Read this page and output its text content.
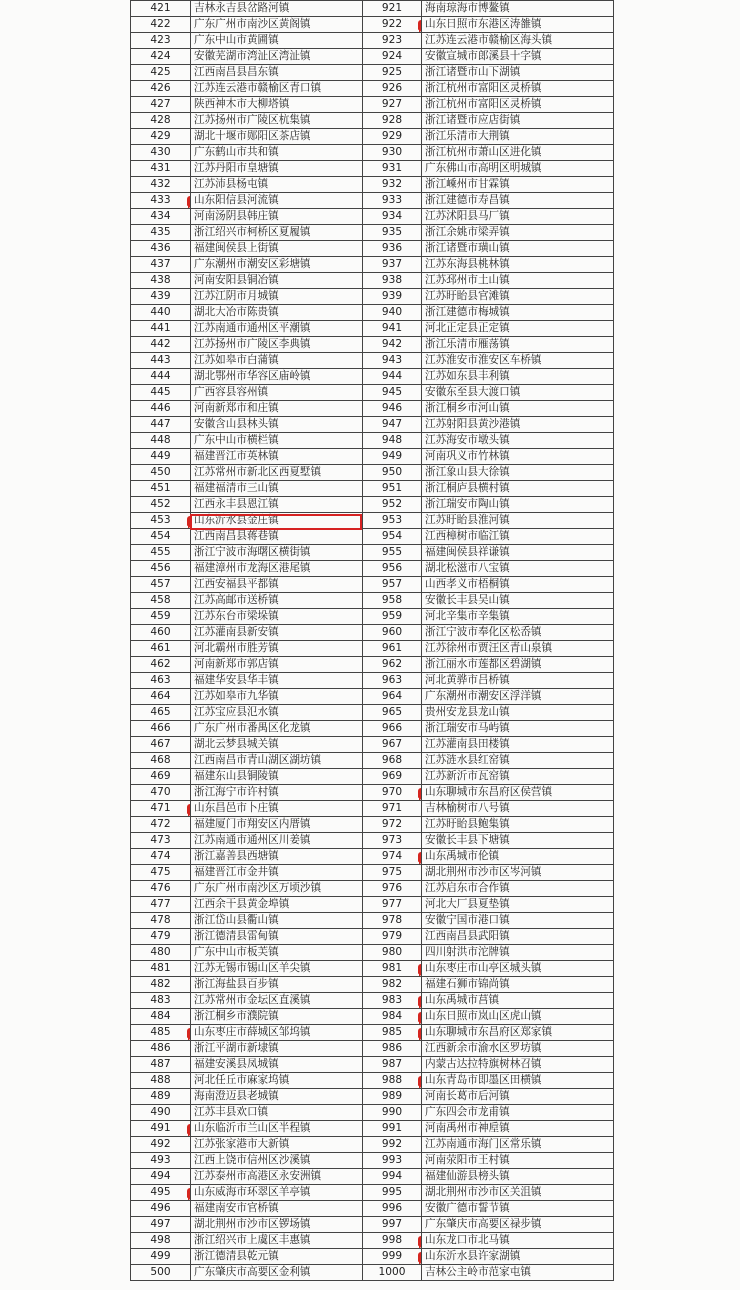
421	吉林永吉县岔路河镇	921	海南琼海市博鳌镇
422	广东广州市南沙区黄阁镇	922	山东日照市东港区涛雒镇
423	广东中山市黄圃镇	923	江苏连云港市赣榆区海头镇
424	安徽芜湖市湾沚区湾沚镇	924	安徽宣城市郎溪县十字镇
425	江西南昌县昌东镇	925	浙江诸暨市山下湖镇
426	江苏连云港市赣榆区青口镇	926	浙江杭州市富阳区灵桥镇
427	陕西神木市大柳塔镇	927	浙江杭州市富阳区灵桥镇
428	江苏扬州市广陵区杭集镇	928	浙江诸暨市应店街镇
429	湖北十堰市郧阳区茶店镇	929	浙江乐清市大荆镇
430	广东鹤山市共和镇	930	浙江杭州市萧山区进化镇
431	江苏丹阳市皇塘镇	931	广东佛山市高明区明城镇
432	江苏沛县杨屯镇	932	浙江嵊州市甘霖镇
433	山东阳信县河流镇	933	浙江建德市寿昌镇
434	河南汤阴县韩庄镇	934	江苏沭阳县马厂镇
435	浙江绍兴市柯桥区夏履镇	935	浙江余姚市梁弄镇
436	福建闽侯县上街镇	936	浙江诸暨市璜山镇
437	广东潮州市潮安区彩塘镇	937	江苏东海县桃林镇
438	河南安阳县铜冶镇	938	江苏邳州市土山镇
439	江苏江阴市月城镇	939	江苏盱眙县官滩镇
440	湖北大冶市陈贵镇	940	浙江建德市梅城镇
441	江苏南通市通州区平潮镇	941	河北正定县正定镇
442	江苏扬州市广陵区李典镇	942	浙江乐清市雁荡镇
443	江苏如皋市白蒲镇	943	江苏淮安市淮安区车桥镇
444	湖北鄂州市华容区庙岭镇	944	江苏如东县丰利镇
445	广西容县容州镇	945	安徽东至县大渡口镇
446	河南新郑市和庄镇	946	浙江桐乡市河山镇
447	安徽含山县林头镇	947	江苏射阳县黄沙港镇
448	广东中山市横栏镇	948	江苏海安市墩头镇
449	福建晋江市英林镇	949	河南巩义市竹林镇
450	江苏常州市新北区西夏墅镇	950	浙江象山县大徐镇
451	福建福清市三山镇	951	浙江桐庐县横村镇
452	江西永丰县恩江镇	952	浙江瑞安市陶山镇
453	山东沂水县金庄镇	953	江苏盱眙县淮河镇
454	江西南昌县蒋巷镇	954	江西樟树市临江镇
455	浙江宁波市海曙区横街镇	955	福建闽侯县祥谦镇
456	福建漳州市龙海区港尾镇	956	湖北松滋市八宝镇
457	江西安福县平都镇	957	山西孝义市梧桐镇
458	江苏高邮市送桥镇	958	安徽长丰县吴山镇
459	江苏东台市梁垛镇	959	河北辛集市辛集镇
460	江苏灌南县新安镇	960	浙江宁波市奉化区松岙镇
461	河北霸州市胜芳镇	961	江苏徐州市贾汪区青山泉镇
462	河南新郑市郭店镇	962	浙江丽水市莲都区碧湖镇
463	福建华安县华丰镇	963	河北黄骅市吕桥镇
464	江苏如皋市九华镇	964	广东潮州市潮安区浮洋镇
465	江苏宝应县氾水镇	965	贵州安龙县龙山镇
466	广东广州市番禺区化龙镇	966	浙江瑞安市马屿镇
467	湖北云梦县城关镇	967	江苏灌南县田楼镇
468	江西南昌市青山湖区湖坊镇	968	江苏涟水县红窑镇
469	福建东山县铜陵镇	969	江苏新沂市瓦窑镇
470	浙江海宁市许村镇	970	山东聊城市东昌府区侯营镇
471	山东昌邑市卜庄镇	971	吉林榆树市八号镇
472	福建厦门市翔安区内厝镇	972	江苏盱眙县鲍集镇
473	江苏南通市通州区川姜镇	973	安徽长丰县下塘镇
474	浙江嘉善县西塘镇	974	山东禹城市伦镇
475	福建晋江市金井镇	975	湖北荆州市沙市区岑河镇
476	广东广州市南沙区万顷沙镇	976	江苏启东市合作镇
477	江西余干县黄金埠镇	977	河北大厂县夏垫镇
478	浙江岱山县衢山镇	978	安徽宁国市港口镇
479	浙江德清县雷甸镇	979	江西南昌县武阳镇
480	广东中山市板芙镇	980	四川射洪市沱牌镇
481	江苏无锡市锡山区羊尖镇	981	山东枣庄市山亭区城头镇
482	浙江海盐县百步镇	982	福建石狮市锦尚镇
483	江苏常州市金坛区直溪镇	983	山东禹城市莒镇
484	浙江桐乡市濮院镇	984	山东日照市岚山区虎山镇
485	山东枣庄市薛城区邹坞镇	985	山东聊城市东昌府区郑家镇
486	浙江平湖市新埭镇	986	江西新余市渝水区罗坊镇
487	福建安溪县凤城镇	987	内蒙古达拉特旗树林召镇
488	河北任丘市麻家坞镇	988	山东青岛市即墨区田横镇
489	海南澄迈县老城镇	989	河南长葛市后河镇
490	江苏丰县欢口镇	990	广东四会市龙甫镇
491	山东临沂市兰山区半程镇	991	河南禹州市神垕镇
492	江苏张家港市大新镇	992	江苏南通市海门区常乐镇
493	江西上饶市信州区沙溪镇	993	河南荥阳市王村镇
494	江苏泰州市高港区永安洲镇	994	福建仙游县榜头镇
495	山东威海市环翠区羊亭镇	995	湖北荆州市沙市区关沮镇
496	福建南安市官桥镇	996	安徽广德市誓节镇
497	湖北荆州市沙市区锣场镇	997	广东肇庆市高要区禄步镇
498	浙江绍兴市上虞区丰惠镇	998	山东龙口市北马镇
499	浙江德清县乾元镇	999	山东沂水县许家湖镇
500	广东肇庆市高要区金利镇	1000	吉林公主岭市范家屯镇
